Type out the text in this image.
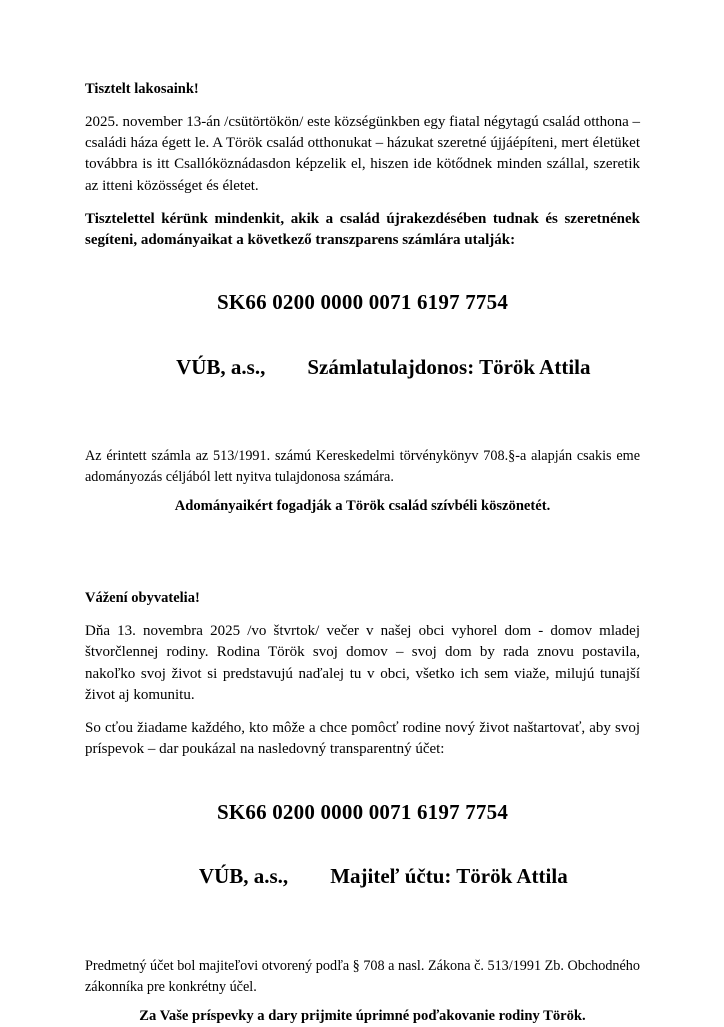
Tisztelt lakosaink!

2025. november 13-án /csütörtökön/ este községünkben egy fiatal négytagú család otthona – családi háza égett le. A Török család otthonukat – házukat szeretné újjáépíteni, mert életüket továbbra is itt Csallóköznádasdon képzelik el, hiszen ide kötődnek minden szállal, szeretik az itteni közösséget és életet.

Tisztelettel kérünk mindenkit, akik a család újrakezdésében tudnak és szeretnének segíteni, adományaikat a következő transzparens számlára utalják:

SK66 0200 0000 0071 6197 7754

VÚB, a.s., Számlatulajdonos: Török Attila

Az érintett számla az 513/1991. számú Kereskedelmi törvénykönyv 708.§-a alapján csakis eme adományozás céljából lett nyitva tulajdonosa számára.

Adományaikért fogadják a Török család szívbéli köszönetét.

Vážení obyvatelia!

Dňa 13. novembra 2025 /vo štvrtok/ večer v našej obci vyhorel dom - domov mladej štvorčlennej rodiny. Rodina Török svoj domov – svoj dom by rada znovu postavila, nakoľko svoj život si predstavujú naďalej tu v obci, všetko ich sem viaže, milujú tunajší život aj komunitu.

So cťou žiadame každého, kto môže a chce pomôcť rodine nový život naštartovať, aby svoj príspevok – dar poukázal na nasledovný transparentný účet:

SK66 0200 0000 0071 6197 7754

VÚB, a.s., Majiteľ účtu: Török Attila

Predmetný účet bol majiteľovi otvorený podľa § 708 a nasl. Zákona č. 513/1991 Zb. Obchodného zákonníka pre konkrétny účel.

Za Vaše príspevky a dary prijmite úprimné poďakovanie rodiny Török.
